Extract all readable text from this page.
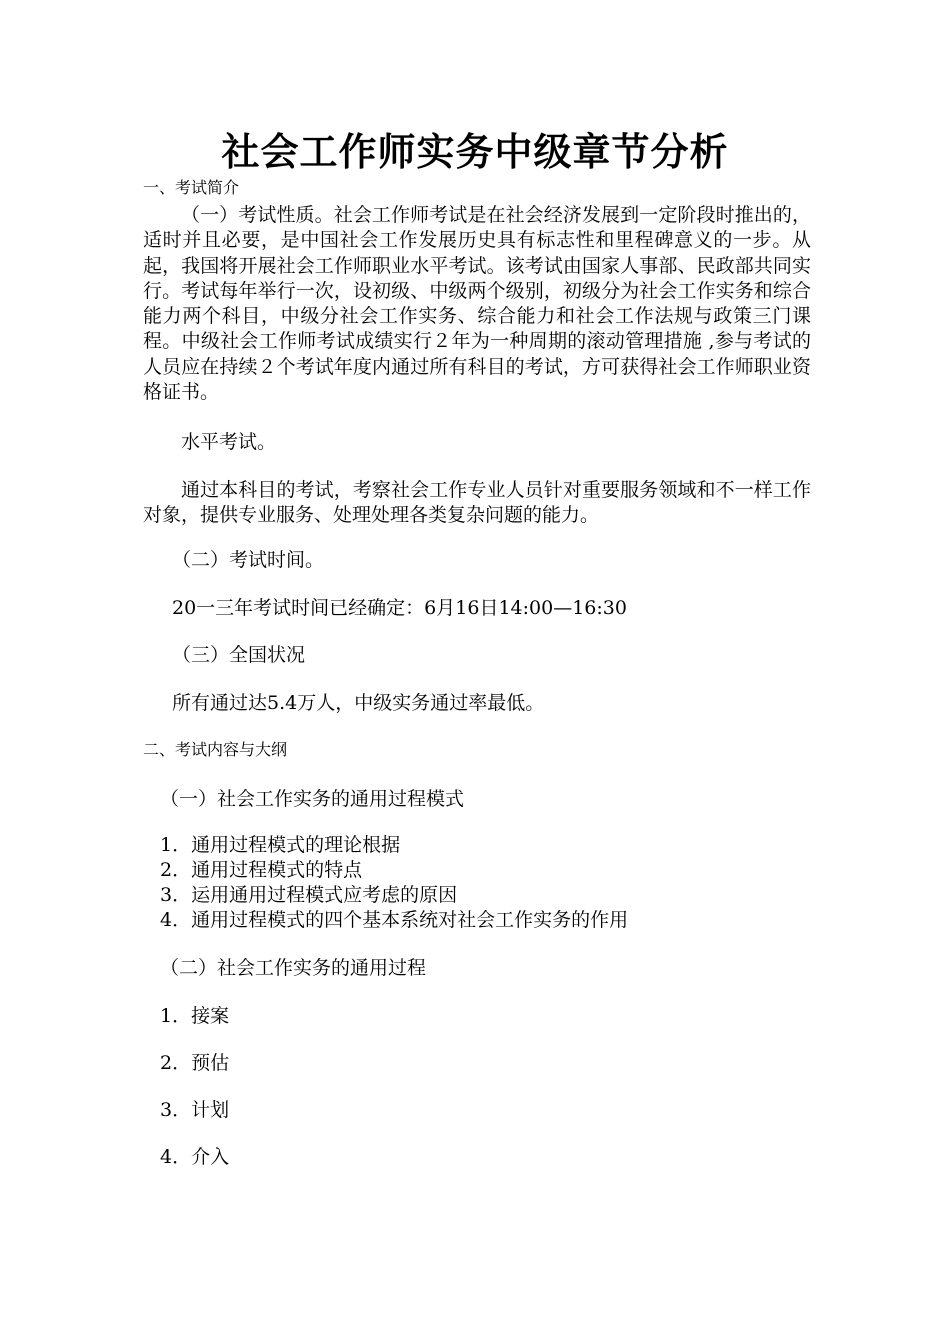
社会工作师实务中级章节分析

一、考试简介

（一）考试性质。社会工作师考试是在社会经济发展到一定阶段时推出的，适时并且必要，是中国社会工作发展历史具有标志性和里程碑意义的一步。从起，我国将开展社会工作师职业水平考试。该考试由国家人事部、民政部共同实行。考试每年举行一次，设初级、中级两个级别，初级分为社会工作实务和综合能力两个科目，中级分社会工作实务、综合能力和社会工作法规与政策三门课程。中级社会工作师考试成绩实行２年为一种周期的滚动管理措施 ,参与考试的人员应在持续２个考试年度内通过所有科目的考试，方可获得社会工作师职业资格证书。

水平考试。

通过本科目的考试，考察社会工作专业人员针对重要服务领域和不一样工作对象，提供专业服务、处理处理各类复杂问题的能力。

（二）考试时间。

20一三年考试时间已经确定：6月16日14:00—16:30

（三）全国状况

所有通过达5.4万人，中级实务通过率最低。

二、考试内容与大纲

（一）社会工作实务的通用过程模式

1．通用过程模式的理论根据
2．通用过程模式的特点
3．运用通用过程模式应考虑的原因
4．通用过程模式的四个基本系统对社会工作实务的作用

（二）社会工作实务的通用过程

1．接案

2．预估

3．计划

4．介入
